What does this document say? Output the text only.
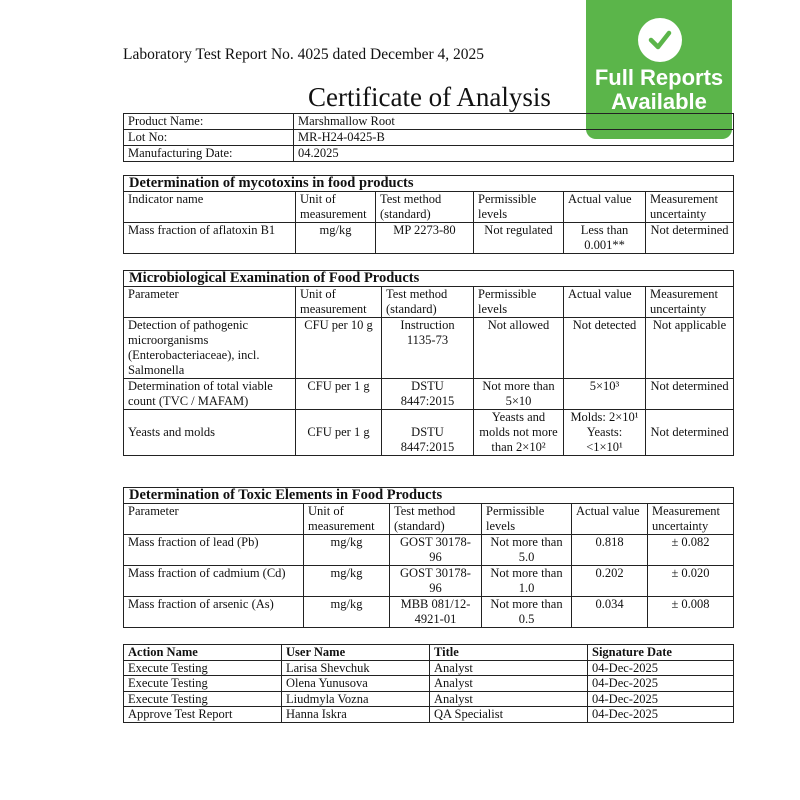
Laboratory Test Report No. 4025 dated December 4, 2025
Certificate of Analysis
Full Reports
Available
Product Name:	Marshmallow Root
Lot No:	MR-H24-0425-B
Manufacturing Date:	04.2025
Determination of mycotoxins in food products					
Indicator name	Unit of measurement	Test method (standard)	Permissible levels	Actual value	Measurement uncertainty
Mass fraction of aflatoxin B1	mg/kg	MP 2273-80	Not regulated	Less than 0.001**	Not determined
Microbiological Examination of Food Products					
Parameter	Unit of measurement	Test method (standard)	Permissible levels	Actual value	Measurement uncertainty
Detection of pathogenic microorganisms (Enterobacteriaceae), incl. Salmonella	CFU per 10 g	Instruction 1135-73	Not allowed	Not detected	Not applicable
Determination of total viable count (TVC / MAFAM)	CFU per 1 g	DSTU 8447:2015	Not more than 5×10	5×10³	Not determined
Yeasts and molds	CFU per 1 g	DSTU 8447:2015	Yeasts and molds not more than 2×10²	Molds: 2×10¹ Yeasts: <1×10¹	Not determined
Determination of Toxic Elements in Food Products					
Parameter	Unit of measurement	Test method (standard)	Permissible levels	Actual value	Measurement uncertainty
Mass fraction of lead (Pb)	mg/kg	GOST 30178-96	Not more than 5.0	0.818	± 0.082
Mass fraction of cadmium (Cd)	mg/kg	GOST 30178-96	Not more than 1.0	0.202	± 0.020
Mass fraction of arsenic (As)	mg/kg	MBB 081/12-4921-01	Not more than 0.5	0.034	± 0.008
Action Name	User Name	Title	Signature Date
Execute Testing	Larisa Shevchuk	Analyst	04-Dec-2025
Execute Testing	Olena Yunusova	Analyst	04-Dec-2025
Execute Testing	Liudmyla Vozna	Analyst	04-Dec-2025
Approve Test Report	Hanna Iskra	QA Specialist	04-Dec-2025
